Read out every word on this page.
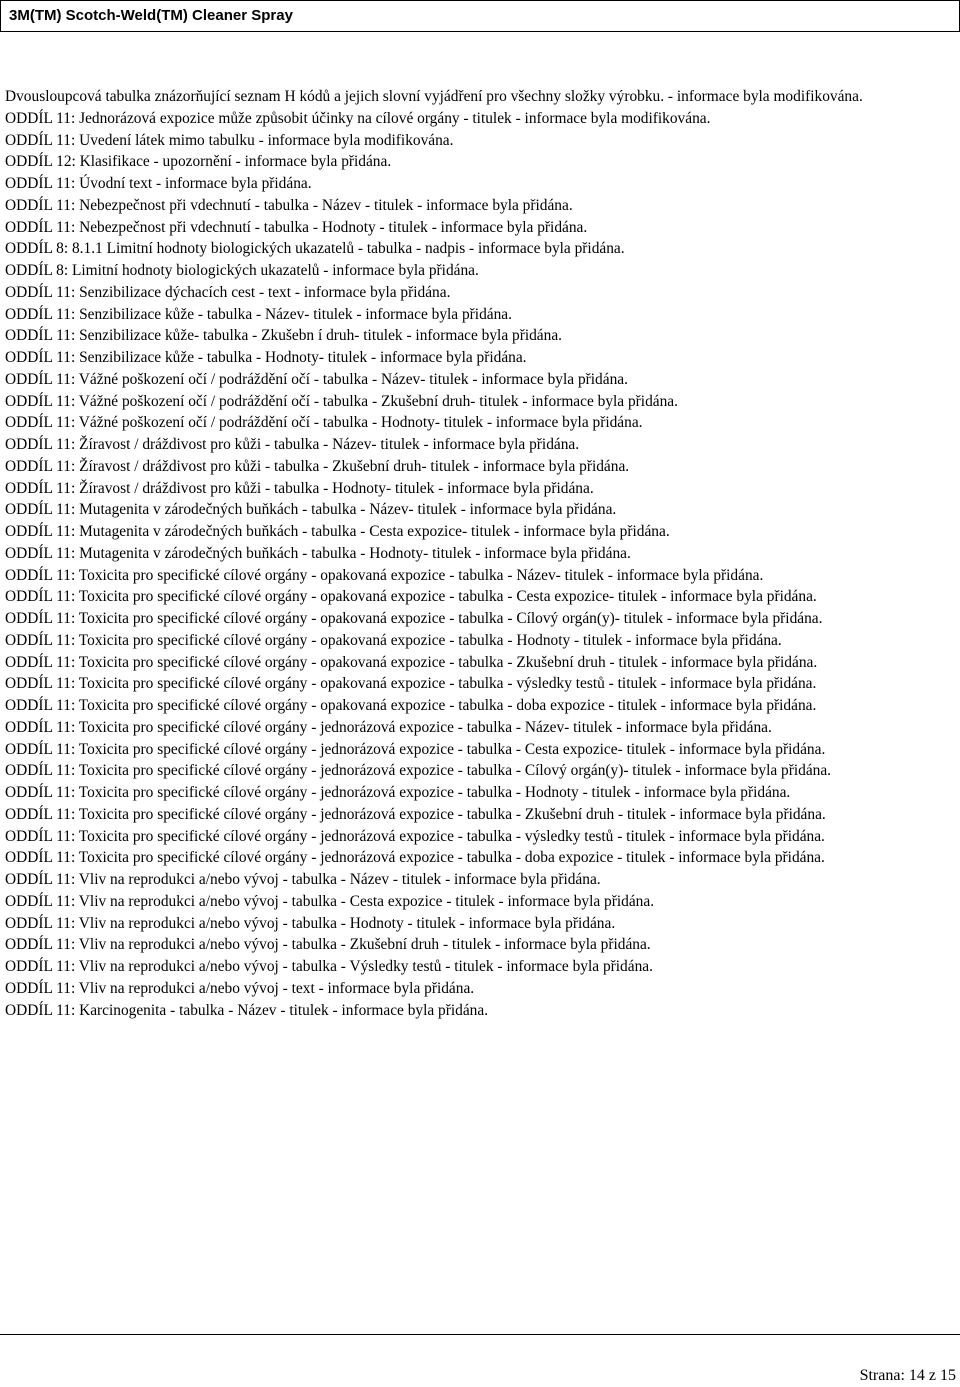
3M(TM) Scotch-Weld(TM) Cleaner Spray

Dvousloupcová tabulka znázorňující seznam H kódů a jejich slovní vyjádření pro všechny složky výrobku. - informace byla modifikována.

ODDÍL 11: Jednorázová expozice může způsobit účinky na cílové orgány - titulek - informace byla modifikována.

ODDÍL 11: Uvedení látek mimo tabulku - informace byla modifikována.

ODDÍL 12: Klasifikace - upozornění - informace byla přidána.

ODDÍL 11: Úvodní text - informace byla přidána.

ODDÍL 11: Nebezpečnost při vdechnutí - tabulka - Název - titulek - informace byla přidána.

ODDÍL 11: Nebezpečnost při vdechnutí - tabulka - Hodnoty - titulek - informace byla přidána.

ODDÍL 8: 8.1.1 Limitní hodnoty biologických ukazatelů - tabulka - nadpis - informace byla přidána.

ODDÍL 8: Limitní hodnoty biologických ukazatelů - informace byla přidána.

ODDÍL 11: Senzibilizace dýchacích cest - text - informace byla přidána.

ODDÍL 11: Senzibilizace kůže - tabulka - Název- titulek - informace byla přidána.

ODDÍL 11: Senzibilizace kůže- tabulka - Zkušebn í druh- titulek - informace byla přidána.

ODDÍL 11: Senzibilizace kůže - tabulka - Hodnoty- titulek - informace byla přidána.

ODDÍL 11: Vážné poškození očí / podráždění očí - tabulka - Název- titulek - informace byla přidána.

ODDÍL 11: Vážné poškození očí / podráždění očí - tabulka - Zkušební druh- titulek - informace byla přidána.

ODDÍL 11: Vážné poškození očí / podráždění očí - tabulka - Hodnoty- titulek - informace byla přidána.

ODDÍL 11: Žíravost / dráždivost pro kůži - tabulka - Název- titulek - informace byla přidána.

ODDÍL 11: Žíravost / dráždivost pro kůži - tabulka - Zkušební druh- titulek - informace byla přidána.

ODDÍL 11: Žíravost / dráždivost pro kůži - tabulka - Hodnoty- titulek - informace byla přidána.

ODDÍL 11: Mutagenita v zárodečných buňkách - tabulka - Název- titulek - informace byla přidána.

ODDÍL 11: Mutagenita v zárodečných buňkách - tabulka - Cesta expozice- titulek - informace byla přidána.

ODDÍL 11: Mutagenita v zárodečných buňkách - tabulka - Hodnoty- titulek - informace byla přidána.

ODDÍL 11: Toxicita pro specifické cílové orgány - opakovaná expozice - tabulka - Název- titulek - informace byla přidána.

ODDÍL 11: Toxicita pro specifické cílové orgány - opakovaná expozice - tabulka - Cesta expozice- titulek - informace byla přidána.

ODDÍL 11: Toxicita pro specifické cílové orgány - opakovaná expozice - tabulka - Cílový orgán(y)- titulek - informace byla přidána.

ODDÍL 11: Toxicita pro specifické cílové orgány - opakovaná expozice - tabulka - Hodnoty - titulek - informace byla přidána.

ODDÍL 11: Toxicita pro specifické cílové orgány - opakovaná expozice - tabulka - Zkušební druh - titulek - informace byla přidána.

ODDÍL 11: Toxicita pro specifické cílové orgány - opakovaná expozice - tabulka - výsledky testů - titulek - informace byla přidána.

ODDÍL 11: Toxicita pro specifické cílové orgány - opakovaná expozice - tabulka - doba expozice - titulek - informace byla přidána.

ODDÍL 11: Toxicita pro specifické cílové orgány - jednorázová expozice - tabulka - Název- titulek - informace byla přidána.

ODDÍL 11: Toxicita pro specifické cílové orgány - jednorázová expozice - tabulka - Cesta expozice- titulek - informace byla přidána.

ODDÍL 11: Toxicita pro specifické cílové orgány - jednorázová expozice - tabulka - Cílový orgán(y)- titulek - informace byla přidána.

ODDÍL 11: Toxicita pro specifické cílové orgány - jednorázová expozice - tabulka - Hodnoty - titulek - informace byla přidána.

ODDÍL 11: Toxicita pro specifické cílové orgány - jednorázová expozice - tabulka - Zkušební druh - titulek - informace byla přidána.

ODDÍL 11: Toxicita pro specifické cílové orgány - jednorázová expozice - tabulka - výsledky testů - titulek - informace byla přidána.

ODDÍL 11: Toxicita pro specifické cílové orgány - jednorázová expozice - tabulka - doba expozice - titulek - informace byla přidána.

ODDÍL 11: Vliv na reprodukci a/nebo vývoj - tabulka - Název - titulek - informace byla přidána.

ODDÍL 11: Vliv na reprodukci a/nebo vývoj - tabulka - Cesta expozice - titulek - informace byla přidána.

ODDÍL 11: Vliv na reprodukci a/nebo vývoj - tabulka - Hodnoty - titulek - informace byla přidána.

ODDÍL 11: Vliv na reprodukci a/nebo vývoj - tabulka - Zkušební druh - titulek - informace byla přidána.

ODDÍL 11: Vliv na reprodukci a/nebo vývoj - tabulka - Výsledky testů - titulek - informace byla přidána.

ODDÍL 11: Vliv na reprodukci a/nebo vývoj - text - informace byla přidána.

ODDÍL 11: Karcinogenita - tabulka - Název - titulek - informace byla přidána.

Strana: 14 z 15
